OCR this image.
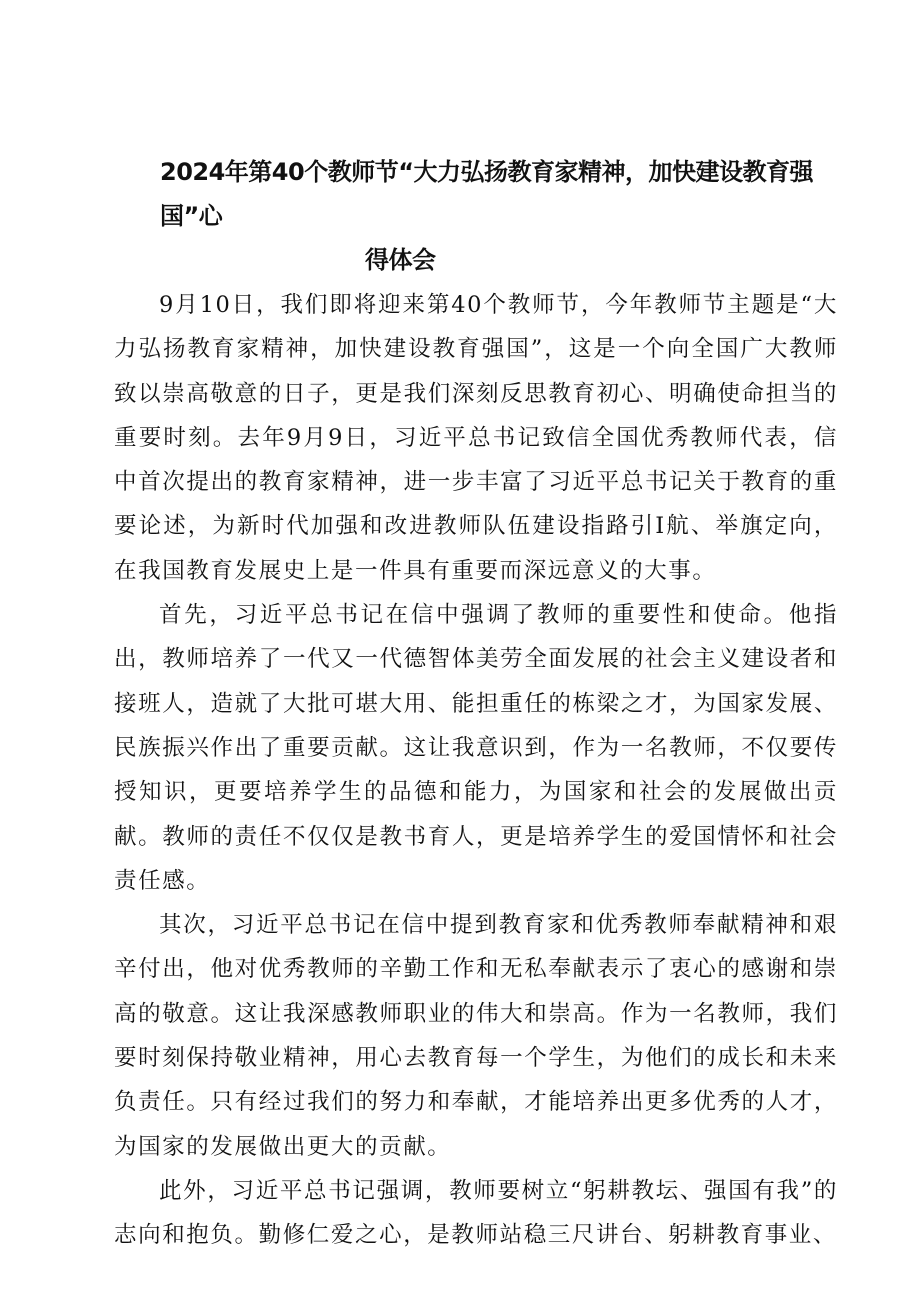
2024年第40个教师节“大力弘扬教育家精神，加快建设教育强国”心
得体会

9月10日，我们即将迎来第40个教师节，今年教师节主题是“大力弘扬教育家精神，加快建设教育强国”，这是一个向全国广大教师致以崇高敬意的日子，更是我们深刻反思教育初心、明确使命担当的重要时刻。去年9月9日，习近平总书记致信全国优秀教师代表，信中首次提出的教育家精神，进一步丰富了习近平总书记关于教育的重要论述，为新时代加强和改进教师队伍建设指路引I航、举旗定向，在我国教育发展史上是一件具有重要而深远意义的大事。

首先，习近平总书记在信中强调了教师的重要性和使命。他指出，教师培养了一代又一代德智体美劳全面发展的社会主义建设者和接班人，造就了大批可堪大用、能担重任的栋梁之才，为国家发展、民族振兴作出了重要贡献。这让我意识到，作为一名教师，不仅要传授知识，更要培养学生的品德和能力，为国家和社会的发展做出贡献。教师的责任不仅仅是教书育人，更是培养学生的爱国情怀和社会责任感。

其次，习近平总书记在信中提到教育家和优秀教师奉献精神和艰辛付出，他对优秀教师的辛勤工作和无私奉献表示了衷心的感谢和崇高的敬意。这让我深感教师职业的伟大和崇高。作为一名教师，我们要时刻保持敬业精神，用心去教育每一个学生，为他们的成长和未来负责任。只有经过我们的努力和奉献，才能培养出更多优秀的人才，为国家的发展做出更大的贡献。

此外，习近平总书记强调，教师要树立“躬耕教坛、强国有我”的志向和抱负。勤修仁爱之心，是教师站稳三尺讲台、躬耕教育事业、
